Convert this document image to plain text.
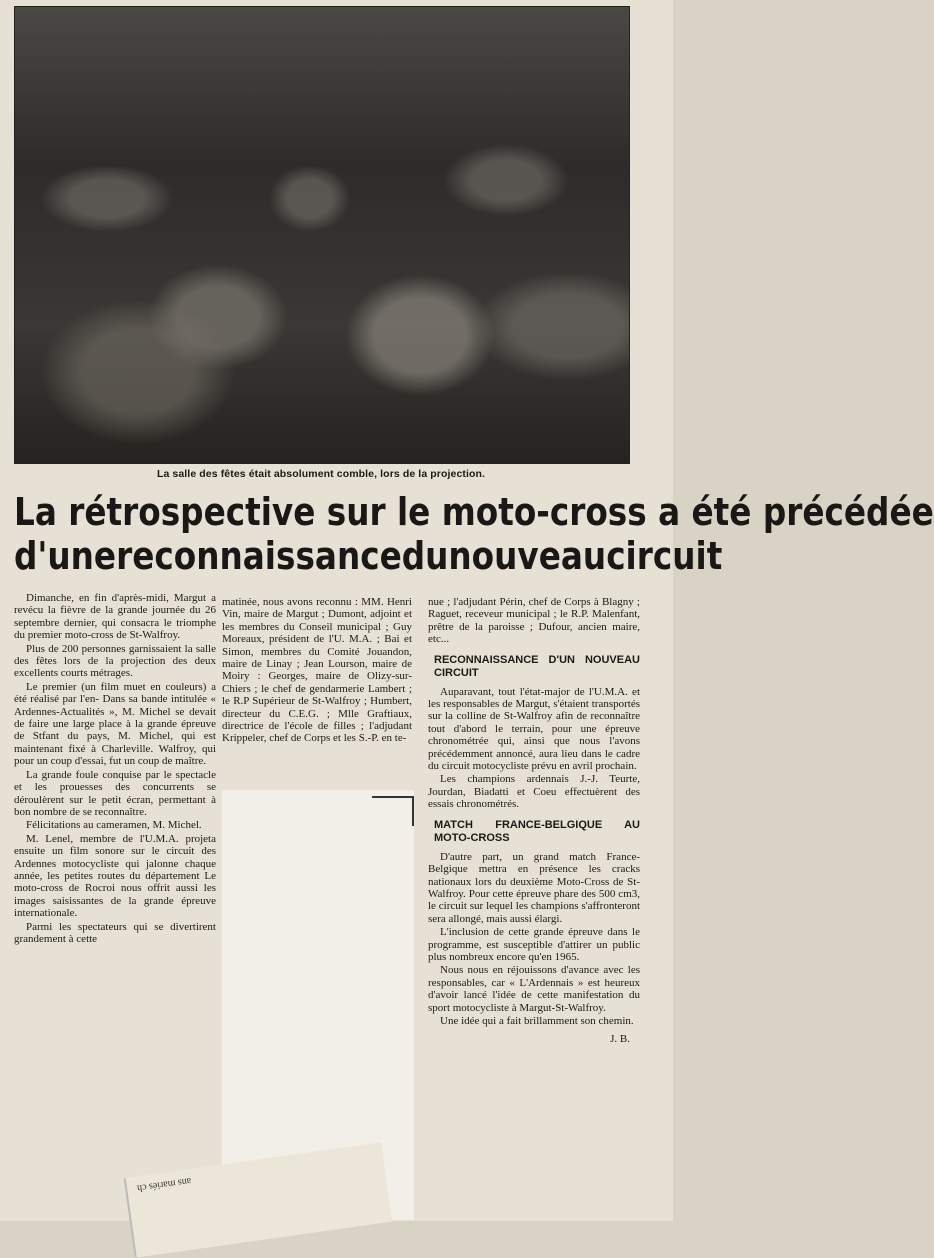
La salle des fêtes était absolument comble, lors de la projection.
La rétrospective sur le moto-cross a été précédée
d'une reconnaissance du nouveau circuit

Dimanche, en fin d'après-midi, Margut a revécu la fièvre de la grande journée du 26 septembre dernier, qui consacra le triomphe du premier moto-cross de St-Walfroy.

Plus de 200 personnes garnissaient la salle des fêtes lors de la projection des deux excellents courts métrages.

Le premier (un film muet en couleurs) a été réalisé par l'en- Dans sa bande intitulée « Ardennes-Actualités », M. Michel se devait de faire une large place à la grande épreuve de Stfant du pays, M. Michel, qui est maintenant fixé à Charleville. Walfroy, qui pour un coup d'essai, fut un coup de maître.

La grande foule conquise par le spectacle et les prouesses des concurrents se déroulèrent sur le petit écran, permettant à bon nombre de se reconnaître.

Félicitations au cameramen, M. Michel.

M. Lenel, membre de l'U.M.A. projeta ensuite un film sonore sur le circuit des Ardennes motocycliste qui jalonne chaque année, les petites routes du département Le moto-cross de Rocroi nous offrit aussi les images saisissantes de la grande épreuve internationale.

Parmi les spectateurs qui se divertirent grandement à cette

matinée, nous avons reconnu : MM. Henri Vin, maire de Margut ; Dumont, adjoint et les membres du Conseil municipal ; Guy Moreaux, président de l'U. M.A. ; Bai et Simon, membres du Comité Jouandon, maire de Linay ; Jean Lourson, maire de Moiry : Georges, maire de Olizy-sur-Chiers ; le chef de gendarmerie Lambert ; le R.P Supérieur de St-Walfroy ; Humbert, directeur du C.E.G. ; Mlle Graftiaux, directrice de l'école de filles ; l'adjudant Krippeler, chef de Corps et les S.-P. en te-

nue ; l'adjudant Périn, chef de Corps à Blagny ; Raguet, receveur municipal ; le R.P. Malenfant, prêtre de la paroisse ; Dufour, ancien maire, etc...

RECONNAISSANCE D'UN NOUVEAU CIRCUIT

Auparavant, tout l'état-major de l'U.M.A. et les responsables de Margut, s'étaient transportés sur la colline de St-Walfroy afin de reconnaître tout d'abord le terrain, pour une épreuve chronométrée qui, ainsi que nous l'avons précédemment annoncé, aura lieu dans le cadre du circuit motocycliste prévu en avril prochain.

Les champions ardennais J.-J. Teurte, Jourdan, Biadatti et Coeu effectuèrent des essais chronométrés.

MATCH FRANCE-BELGIQUE AU MOTO-CROSS

D'autre part, un grand match France-Belgique mettra en présence les cracks nationaux lors du deuxième Moto-Cross de St-Walfroy. Pour cette épreuve phare des 500 cm3, le circuit sur lequel les champions s'affronteront sera allongé, mais aussi élargi.

L'inclusion de cette grande épreuve dans le programme, est susceptible d'attirer un public plus nombreux encore qu'en 1965.

Nous nous en réjouissons d'avance avec les responsables, car « L'Ardennais » est heureux d'avoir lancé l'idée de cette manifestation du sport motocycliste à Margut-St-Walfroy.

Une idée qui a fait brillamment son chemin.

J. B.

ans mariés ch
